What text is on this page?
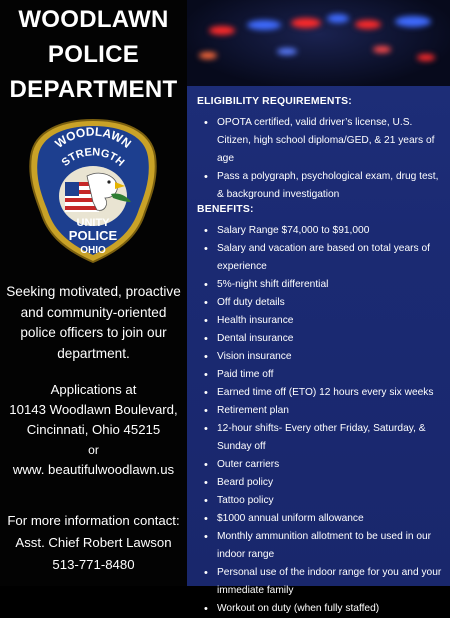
WOODLAWN
POLICE
DEPARTMENT
WOODLAWN
STRENGTH
UNITY
POLICE
OHIO
Seeking motivated, proactive
and community-oriented
police officers to join our
department.
Applications at
10143 Woodlawn Boulevard,
Cincinnati, Ohio 45215
or
www. beautifulwoodlawn.us
For more information contact:
Asst. Chief Robert Lawson
513-771-8480
ELIGIBILITY REQUIREMENTS:
• OPOTA certified, valid driver’s license, U.S. Citizen, high school diploma/GED, & 21 years of age
• Pass a polygraph, psychological exam, drug test, & background investigation
BENEFITS:
• Salary Range $74,000 to $91,000
• Salary and vacation are based on total years of experience
• 5%-night shift differential
• Off duty details
• Health insurance
• Dental insurance
• Vision insurance
• Paid time off
• Earned time off (ETO) 12 hours every six weeks
• Retirement plan
• 12-hour shifts- Every other Friday, Saturday, & Sunday off
• Outer carriers
• Beard policy
• Tattoo policy
• $1000 annual uniform allowance
• Monthly ammunition allotment to be used in our indoor range
• Personal use of the indoor range for you and your immediate family
• Workout on duty (when fully staffed)
